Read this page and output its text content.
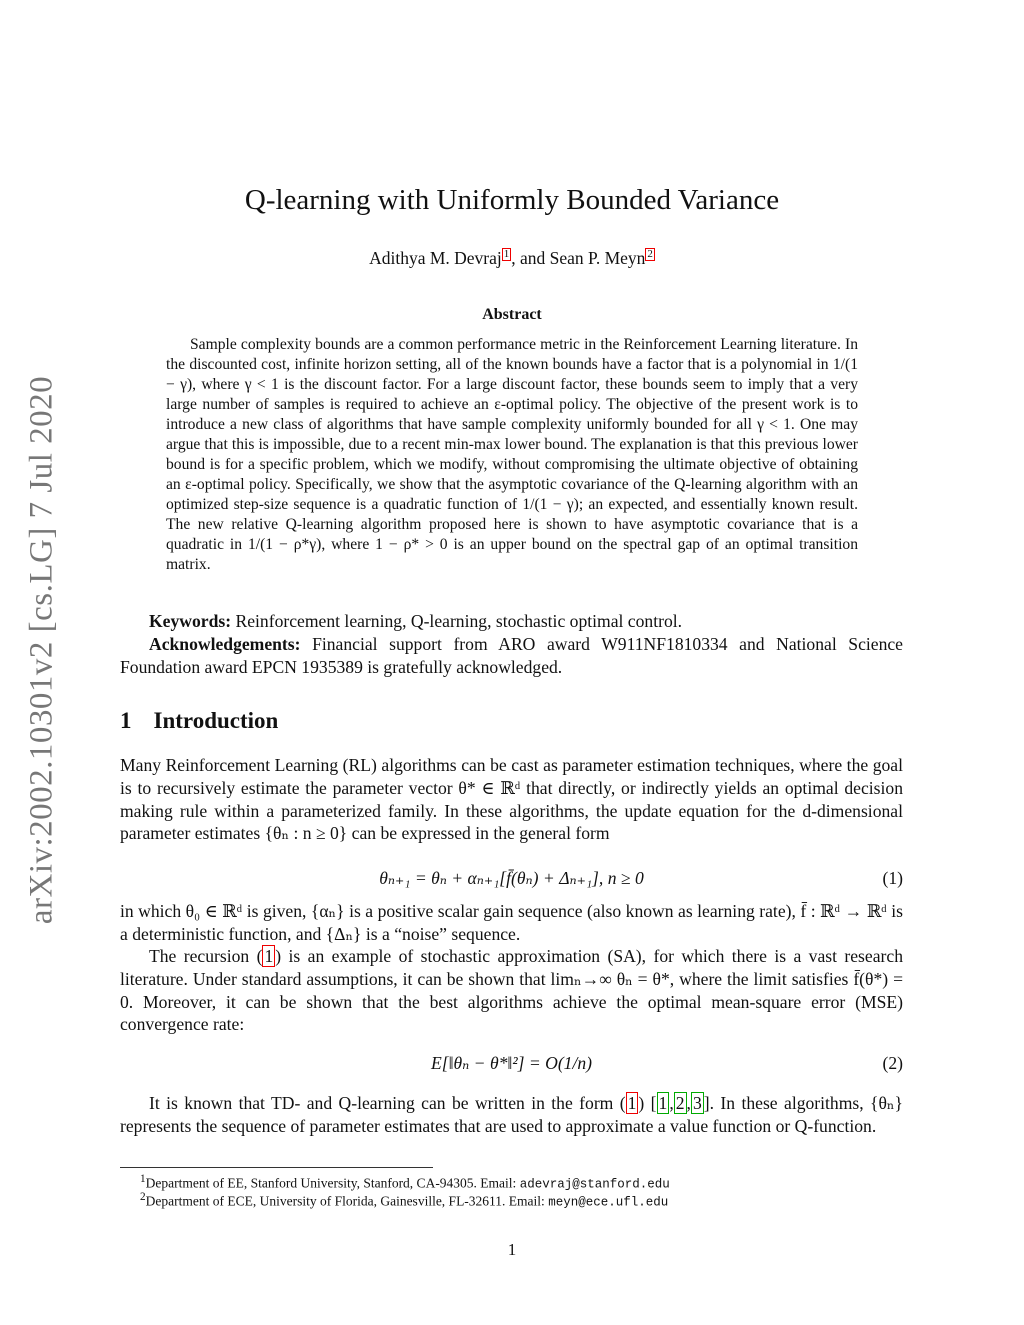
arXiv:2002.10301v2 [cs.LG] 7 Jul 2020
Q-learning with Uniformly Bounded Variance
Adithya M. Devraj 1 , and Sean P. Meyn 2
Abstract

Sample complexity bounds are a common performance metric in the Reinforcement Learning literature. In the discounted cost, infinite horizon setting, all of the known bounds have a factor that is a polynomial in 1/(1 − γ), where γ < 1 is the discount factor. For a large discount factor, these bounds seem to imply that a very large number of samples is required to achieve an ε-optimal policy. The objective of the present work is to introduce a new class of algorithms that have sample complexity uniformly bounded for all γ < 1. One may argue that this is impossible, due to a recent min-max lower bound. The explanation is that this previous lower bound is for a specific problem, which we modify, without compromising the ultimate objective of obtaining an ε-optimal policy. Specifically, we show that the asymptotic covariance of the Q-learning algorithm with an optimized step-size sequence is a quadratic function of 1/(1 − γ); an expected, and essentially known result. The new relative Q-learning algorithm proposed here is shown to have asymptotic covariance that is a quadratic in 1/(1 − ρ*γ), where 1 − ρ* > 0 is an upper bound on the spectral gap of an optimal transition matrix.

Keywords: Reinforcement learning, Q-learning, stochastic optimal control.

Acknowledgements: Financial support from ARO award W911NF1810334 and National Science Foundation award EPCN 1935389 is gratefully acknowledged.

1 Introduction

Many Reinforcement Learning (RL) algorithms can be cast as parameter estimation techniques, where the goal is to recursively estimate the parameter vector θ* ∈ ℝᵈ that directly, or indirectly yields an optimal decision making rule within a parameterized family. In these algorithms, the update equation for the d-dimensional parameter estimates {θₙ : n ≥ 0} can be expressed in the general form

θₙ₊₁ = θₙ + αₙ₊₁[f̄(θₙ) + Δₙ₊₁], n ≥ 0	(1)

in which θ₀ ∈ ℝᵈ is given, {αₙ} is a positive scalar gain sequence (also known as learning rate), f̄ : ℝᵈ → ℝᵈ is a deterministic function, and {Δₙ} is a “noise” sequence.

The recursion ( 1 ) is an example of stochastic approximation (SA), for which there is a vast research literature. Under standard assumptions, it can be shown that limₙ→∞ θₙ = θ*, where the limit satisfies f̄(θ*) = 0. Moreover, it can be shown that the best algorithms achieve the optimal mean-square error (MSE) convergence rate:

E[‖θₙ − θ*‖²] = O(1/n)	(2)

It is known that TD- and Q-learning can be written in the form ( 1 ) [ 1 , 2 , 3 ]. In these algorithms, {θₙ} represents the sequence of parameter estimates that are used to approximate a value function or Q-function.

$^1$Department of EE, Stanford University, Stanford, CA-94305. Email: adevraj@stanford.edu
$^2$Department of ECE, University of Florida, Gainesville, FL-32611. Email: meyn@ece.ufl.edu
1
